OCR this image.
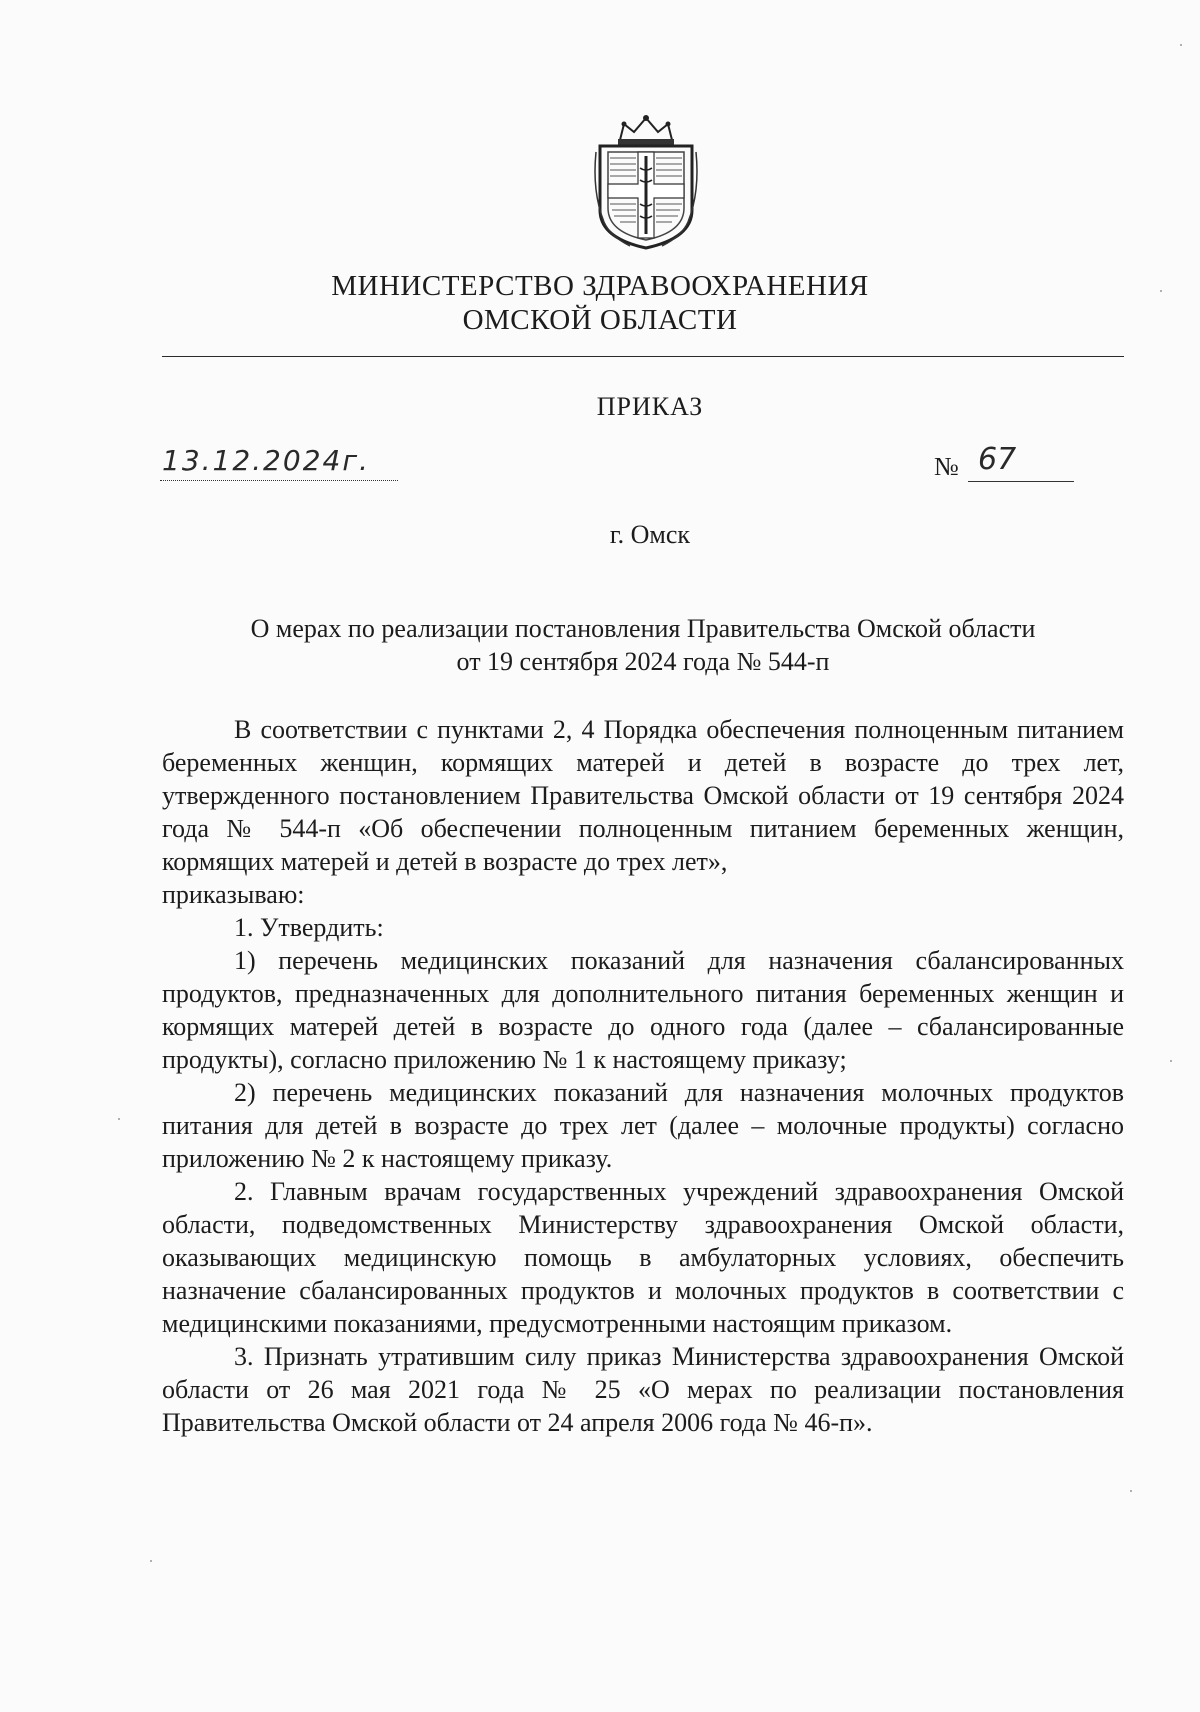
МИНИСТЕРСТВО ЗДРАВООХРАНЕНИЯ
ОМСКОЙ ОБЛАСТИ
ПРИКАЗ
13.12.2024г.	№ 67
г. Омск
О мерах по реализации постановления Правительства Омской области
от 19 сентября 2024 года № 544-п

В соответствии с пунктами 2, 4 Порядка обеспечения полноценным питанием беременных женщин, кормящих матерей и детей в возрасте до трех лет, утвержденного постановлением Правительства Омской области от 19 сентября 2024 года № 544-п «Об обеспечении полноценным питанием беременных женщин, кормящих матерей и детей в возрасте до трех лет»,

приказываю:

1. Утвердить:

1) перечень медицинских показаний для назначения сбалансированных продуктов, предназначенных для дополнительного питания беременных женщин и кормящих матерей детей в возрасте до одного года (далее – сбалансированные продукты), согласно приложению № 1 к настоящему приказу;

2) перечень медицинских показаний для назначения молочных продуктов питания для детей в возрасте до трех лет (далее – молочные продукты) согласно приложению № 2 к настоящему приказу.

2. Главным врачам государственных учреждений здравоохранения Омской области, подведомственных Министерству здравоохранения Омской области, оказывающих медицинскую помощь в амбулаторных условиях, обеспечить назначение сбалансированных продуктов и молочных продуктов в соответствии с медицинскими показаниями, предусмотренными настоящим приказом.

3. Признать утратившим силу приказ Министерства здравоохранения Омской области от 26 мая 2021 года № 25 «О мерах по реализации постановления Правительства Омской области от 24 апреля 2006 года № 46-п».
